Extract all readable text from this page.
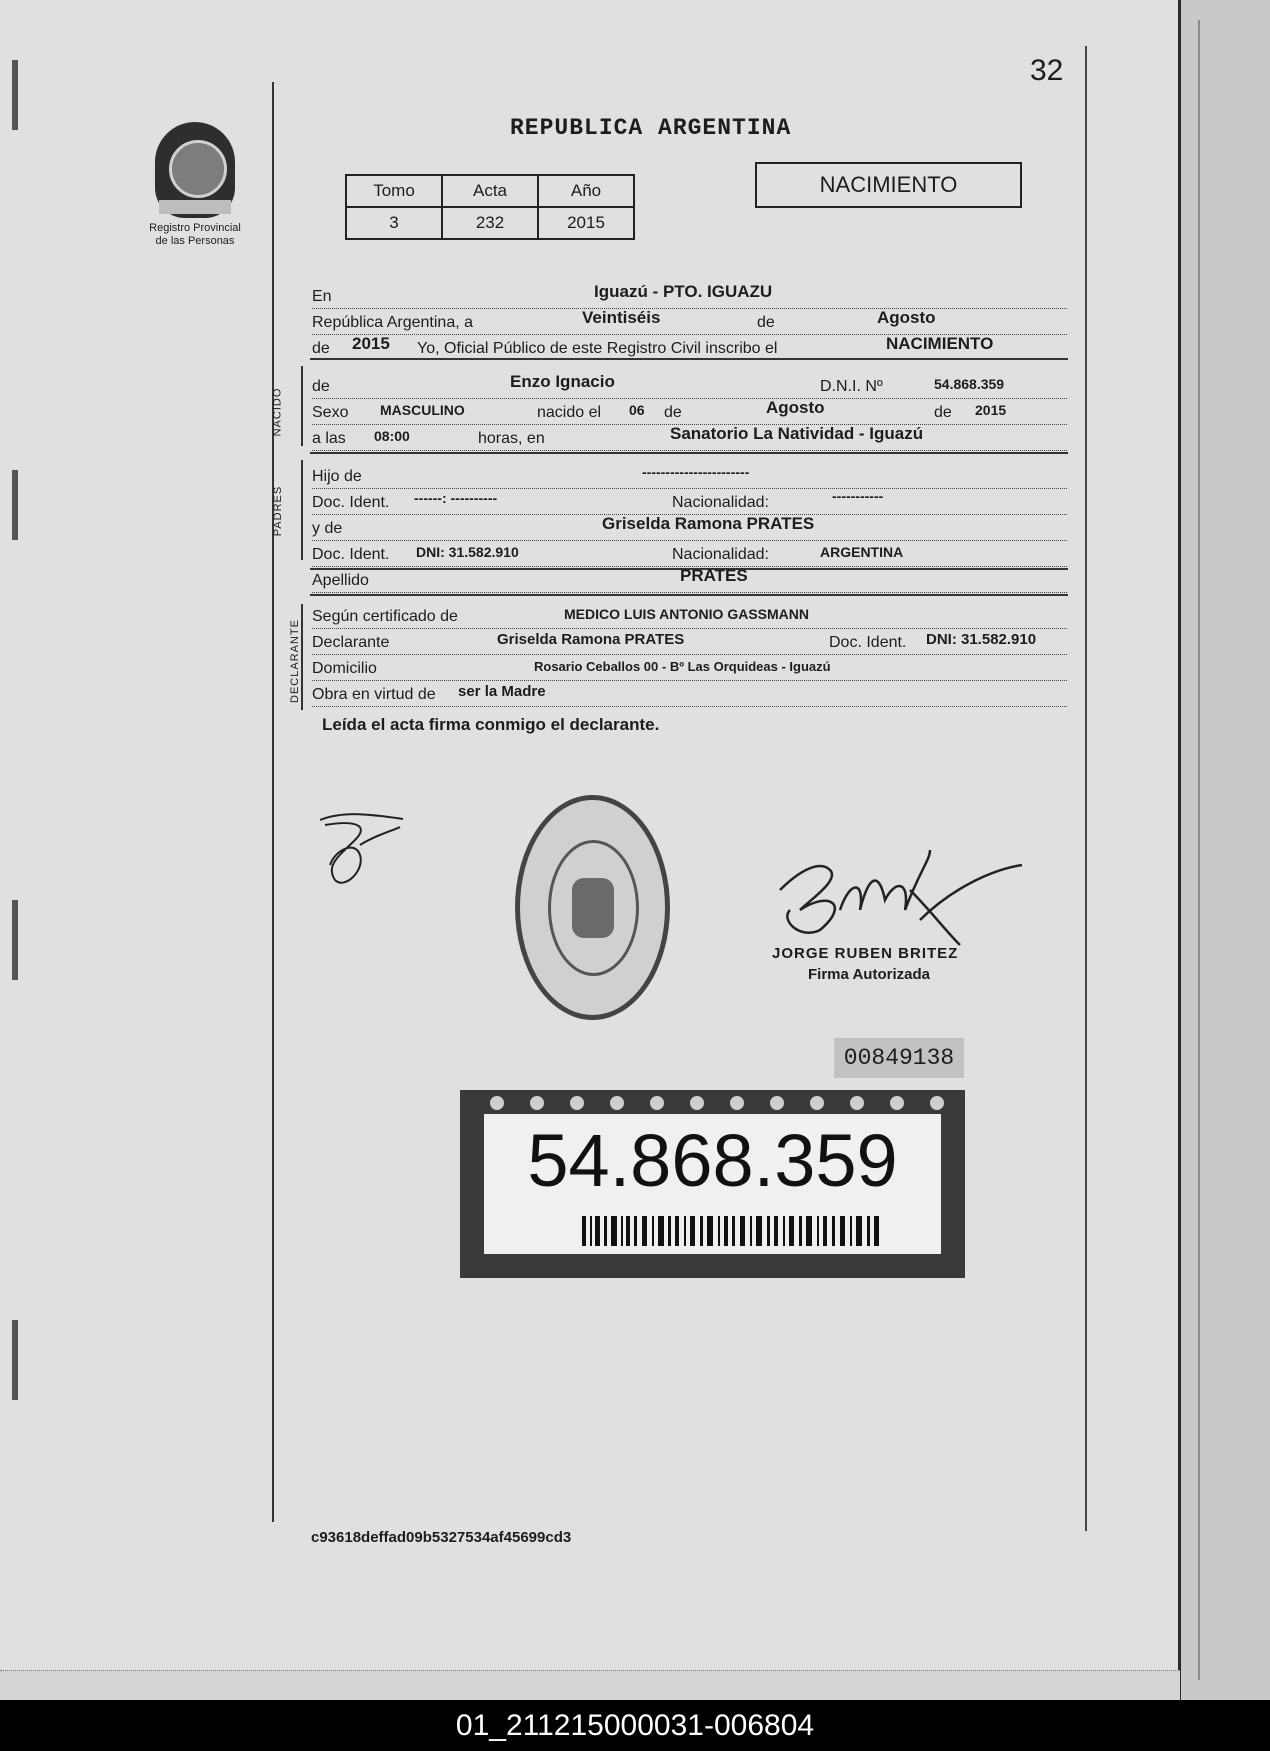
32
REPUBLICA ARGENTINA
Registro Provincial
de las Personas
Tomo	Acta	Año
3	232	2015
NACIMIENTO
En	Iguazú - PTO. IGUAZU
República Argentina, a	Veintiséis	de	Agosto
de 2015 Yo, Oficial Público de este Registro Civil inscribo el	NACIMIENTO
NACIDO
de	Enzo Ignacio	D.N.I. Nº	54.868.359
Sexo MASCULINO	nacido el 06 de	Agosto	de 2015
a las 08:00	horas, en	Sanatorio La Natividad - Iguazú
PADRES
Hijo de	-----------------------
Doc. Ident. ------: ----------	Nacionalidad:	-----------
y de	Griselda Ramona PRATES
Doc. Ident. DNI: 31.582.910	Nacionalidad:	ARGENTINA
Apellido	PRATES
DECLARANTE
Según certificado de	MEDICO LUIS ANTONIO GASSMANN
Declarante	Griselda Ramona PRATES	Doc. Ident. DNI: 31.582.910
Domicilio	Rosario Ceballos 00 - Bº Las Orquideas - Iguazú
Obra en virtud de ser la Madre
Leída el acta firma conmigo el declarante.
JORGE RUBEN BRITEZ
Firma Autorizada
00849138
54.868.359
c93618deffad09b5327534af45699cd3
01_211215000031-006804
